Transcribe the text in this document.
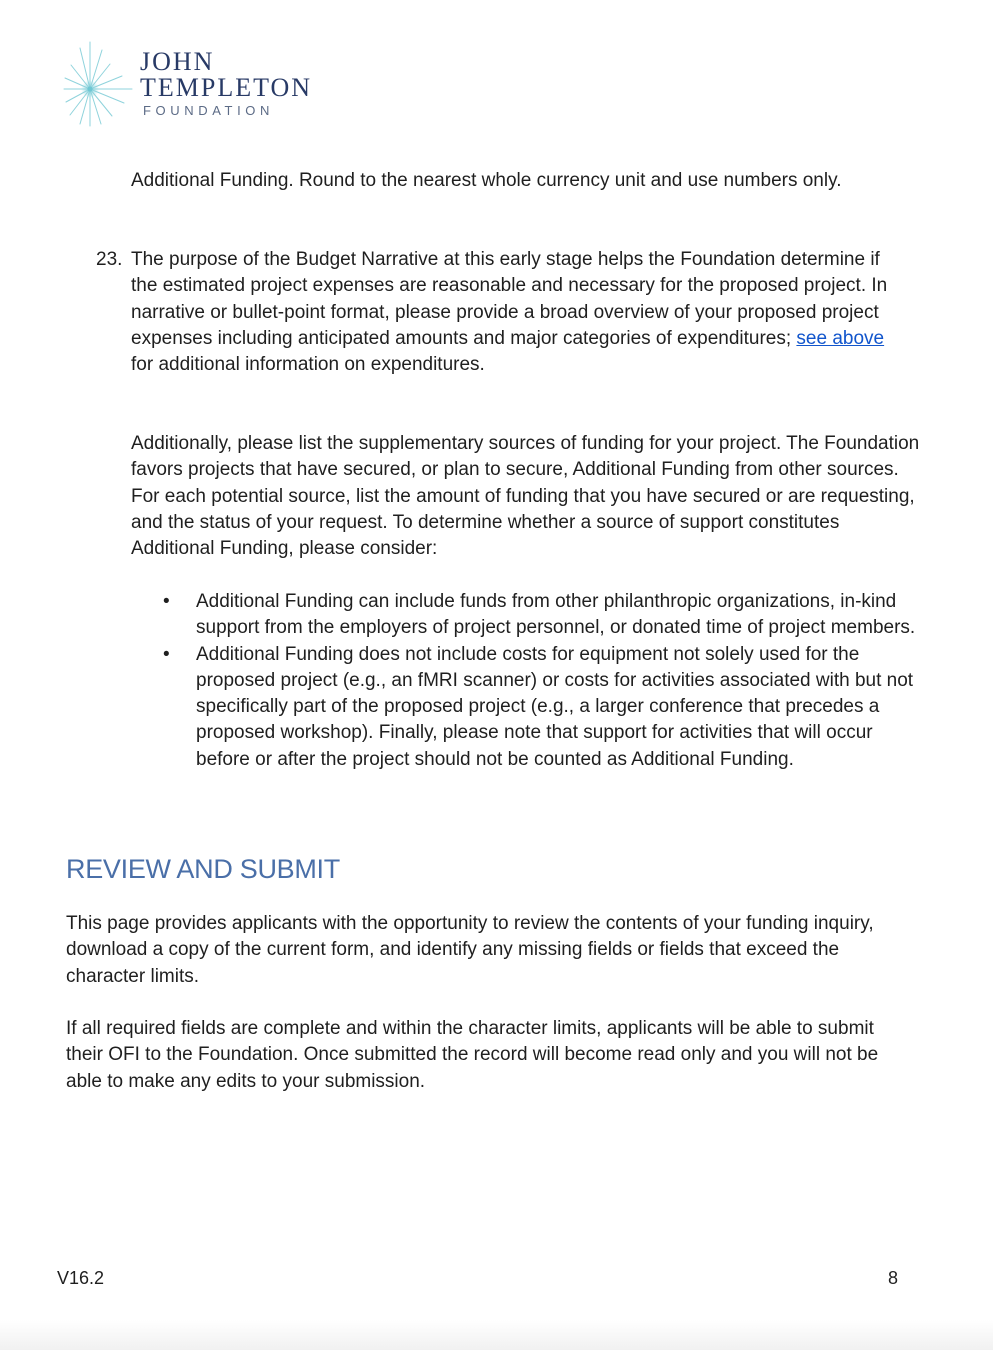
JOHN
TEMPLETON
FOUNDATION

Additional Funding. Round to the nearest whole currency unit and use numbers only.

23. The purpose of the Budget Narrative at this early stage helps the Foundation determine if the estimated project expenses are reasonable and necessary for the proposed project. In narrative or bullet-point format, please provide a broad overview of your proposed project expenses including anticipated amounts and major categories of expenditures; see above for additional information on expenditures.

Additionally, please list the supplementary sources of funding for your project. The Foundation favors projects that have secured, or plan to secure, Additional Funding from other sources. For each potential source, list the amount of funding that you have secured or are requesting, and the status of your request. To determine whether a source of support constitutes Additional Funding, please consider:

• Additional Funding can include funds from other philanthropic organizations, in-kind support from the employers of project personnel, or donated time of project members.
• Additional Funding does not include costs for equipment not solely used for the proposed project (e.g., an fMRI scanner) or costs for activities associated with but not specifically part of the proposed project (e.g., a larger conference that precedes a proposed workshop). Finally, please note that support for activities that will occur before or after the project should not be counted as Additional Funding.
REVIEW AND SUBMIT

This page provides applicants with the opportunity to review the contents of your funding inquiry, download a copy of the current form, and identify any missing fields or fields that exceed the character limits.

If all required fields are complete and within the character limits, applicants will be able to submit their OFI to the Foundation. Once submitted the record will become read only and you will not be able to make any edits to your submission.

V16.2	8
